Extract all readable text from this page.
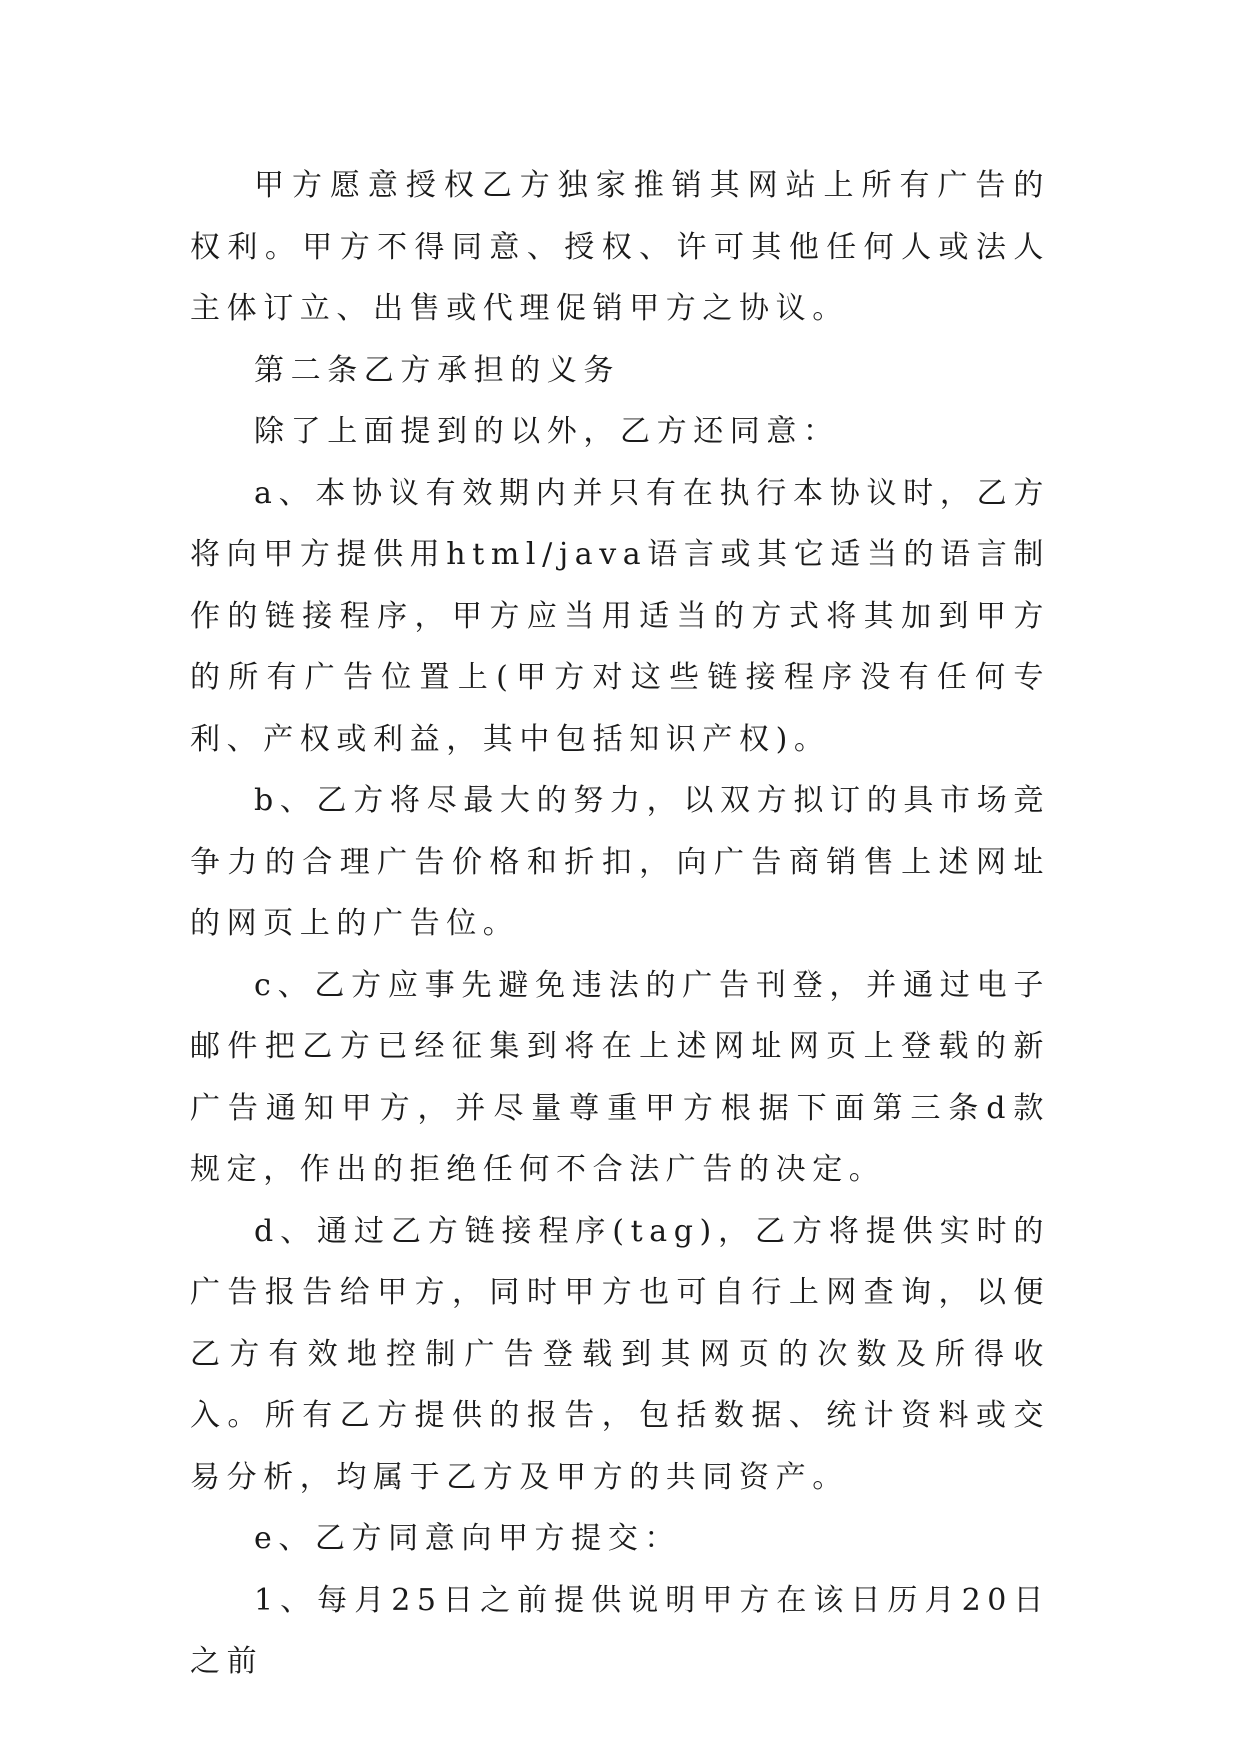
甲方愿意授权乙方独家推销其网站上所有广告的权利。甲方不得同意、授权、许可其他任何人或法人主体订立、出售或代理促销甲方之协议。

第二条乙方承担的义务

除了上面提到的以外，乙方还同意：

a、本协议有效期内并只有在执行本协议时，乙方将向甲方提供用html/java语言或其它适当的语言制作的链接程序，甲方应当用适当的方式将其加到甲方的所有广告位置上(甲方对这些链接程序没有任何专利、产权或利益，其中包括知识产权)。

b、乙方将尽最大的努力，以双方拟订的具市场竞争力的合理广告价格和折扣，向广告商销售上述网址的网页上的广告位。

c、乙方应事先避免违法的广告刊登，并通过电子邮件把乙方已经征集到将在上述网址网页上登载的新广告通知甲方，并尽量尊重甲方根据下面第三条d款规定，作出的拒绝任何不合法广告的决定。

d、通过乙方链接程序(tag)，乙方将提供实时的广告报告给甲方，同时甲方也可自行上网查询，以便乙方有效地控制广告登载到其网页的次数及所得收入。所有乙方提供的报告，包括数据、统计资料或交易分析，均属于乙方及甲方的共同资产。

e、乙方同意向甲方提交：

1、每月25日之前提供说明甲方在该日历月20日之前
